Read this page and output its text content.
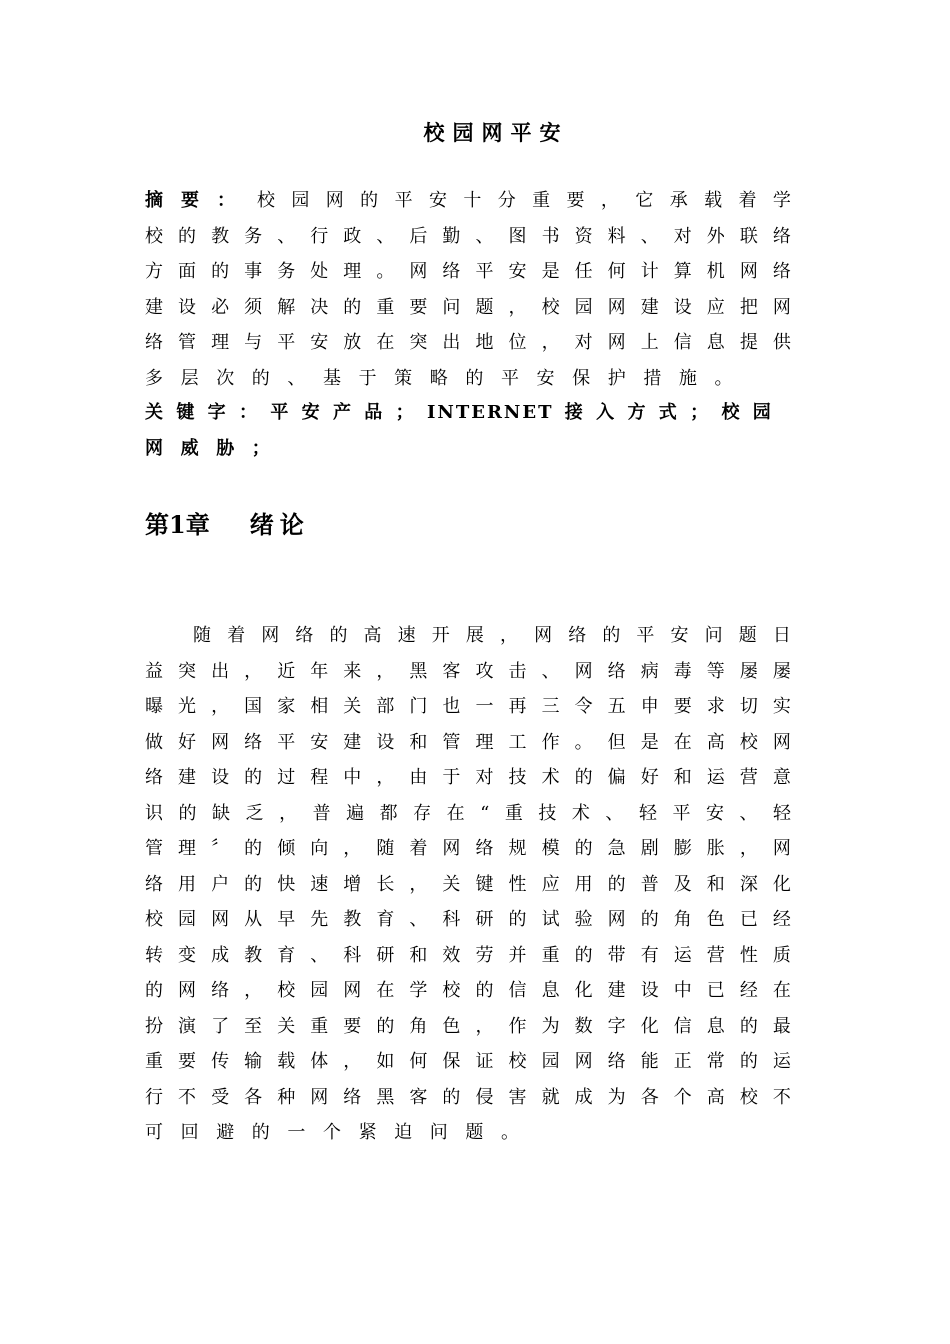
校园网平安
摘 要 ： 校 园 网 的 平 安 十 分 重 要 ， 它 承 载 着 学
校 的 教 务 、 行 政 、 后 勤 、 图 书 资 料 、 对 外 联 络
方 面 的 事 务 处 理 。 网 络 平 安 是 任 何 计 算 机 网 络
建 设 必 须 解 决 的 重 要 问 题 ， 校 园 网 建 设 应 把 网
络 管 理 与 平 安 放 在 突 出 地 位 ， 对 网 上 信 息 提 供
多 层 次 的 、 基 于 策 略 的 平 安 保 护 措 施 。
关 键 字 ： 平 安 产 品 ； INTERNET 接 入 方 式 ； 校 园
网 威 胁 ；
第1章 绪论
随 着 网 络 的 高 速 开 展 ， 网 络 的 平 安 问 题 日
益 突 出 ， 近 年 来 ， 黑 客 攻 击 、 网 络 病 毒 等 屡 屡
曝 光 ， 国 家 相 关 部 门 也 一 再 三 令 五 申 要 求 切 实
做 好 网 络 平 安 建 设 和 管 理 工 作 。 但 是 在 高 校 网
络 建 设 的 过 程 中 ， 由 于 对 技 术 的 偏 好 和 运 营 意
识 的 缺 乏 ， 普 遍 都 存 在 “ 重 技 术 、 轻 平 安 、 轻
管 理 〞 的 倾 向 ， 随 着 网 络 规 模 的 急 剧 膨 胀 ， 网
络 用 户 的 快 速 增 长 ， 关 键 性 应 用 的 普 及 和 深 化
校 园 网 从 早 先 教 育 、 科 研 的 试 验 网 的 角 色 已 经
转 变 成 教 育 、 科 研 和 效 劳 并 重 的 带 有 运 营 性 质
的 网 络 ， 校 园 网 在 学 校 的 信 息 化 建 设 中 已 经 在
扮 演 了 至 关 重 要 的 角 色 ， 作 为 数 字 化 信 息 的 最
重 要 传 输 载 体 ， 如 何 保 证 校 园 网 络 能 正 常 的 运
行 不 受 各 种 网 络 黑 客 的 侵 害 就 成 为 各 个 高 校 不
可 回 避 的 一 个 紧 迫 问 题 。
